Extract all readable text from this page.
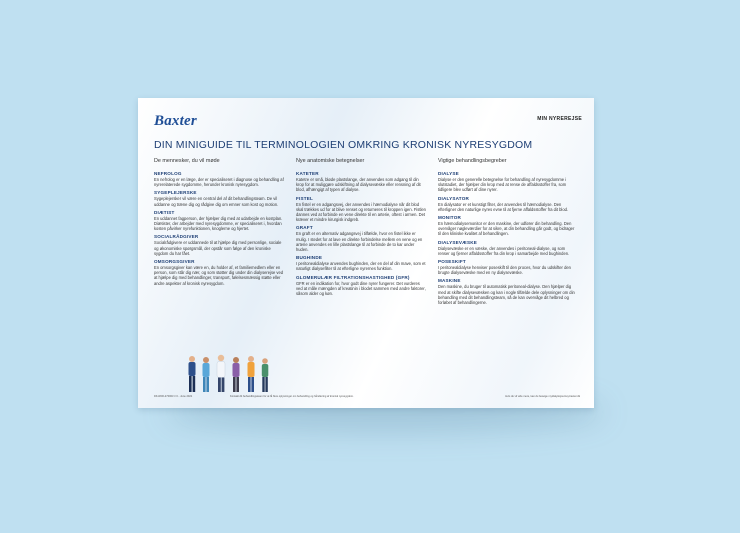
Baxter	MIN NYREREJSE
DIN MINIGUIDE TIL TERMINOLOGIEN OMKRING KRONISK NYRESYGDOM
De mennesker, du vil møde
NEFROLOG
En nefrolog er en læge, der er specialiseret i diagnose og behandling af nyrerelaterede sygdomme, herunder kronisk nyresygdom.
SYGEPLEJERSKE
Sygeplejersker vil være en central del af dit behandlingsteam. De vil uddanne og træne dig og rådgive dig om emner som kost og motion.
DIÆTIST
En uddannet fagperson, der hjælper dig med at udarbejde en kostplan. Diætister, der arbejder med nyresygdomme, er specialiseret i, hvordan kosten påvirker nyrefunktionen, knoglerne og hjertet.
SOCIALRÅDGIVER
Socialrådgivere er uddannede til at hjælpe dig med personlige, sociale og økonomiske spørgsmål, der opstår som følge af den kroniske sygdom du har fået.
OMSORGSGIVER
En omsorgsgiver kan være en, du holder af, et familiemedlem eller en person, som står dig nær, og som støtter dig under din dialyserejse ved at hjælpe dig med behandlinger, transport, følelsesmæssig støtte eller andre aspekter af kronisk nyresygdom.
Nye anatomiske betegnelser
KATETER
Katetre er små, bløde plastslange, der anvendes som adgang til din krop for at muliggøre udskiftning af dialysevæske eller rensning af dit blod, afhængigt af typen af dialyse.
FISTEL
En fistel er en adgangsvej, der anvendes i hæmodialyse når dit blod skal trækkes ud for at blive renset og returneres til kroppen igen. Fistlen dannes ved at forbinde en vene direkte til en arterie, oftest i armen. Det kræver et mindre kirurgisk indgreb.
GRAFT
En graft er en alternativ adgangsvej i tilfælde, hvor en fistel ikke er mulig. I stedet for at lave en direkte forbindelse mellem en vene og en arterie anvendes en lille plastslange til at forbinde de to kar under huden.
BUGHINDE
I peritonealdialyse anvendes bughinden, der en del af din mave, som et naturligt dialysefilter til at efterligne nyrernes funktion.
GLOMERULÆR FILTRATIONSHASTIGHED (GFR)
GFR er en indikation for, hvor godt dine nyrer fungerer. Det vurderes ved at måle mængden af kreatinin i blodet sammen med andre faktorer, såsom alder og køn.
Vigtige behandlingsbegreber
DIALYSE
Dialyse er den generelle betegnelse for behandling af nyresygdomme i slutstadiet, der hjælper din krop med at rense de affaldsstoffer fra, som tidligere blev udført af dine nyrer.
DIALYSATOR
En dialysator er et kunstigt filter, der anvendes til hæmodialyse. Den efterligner den naturlige nyres evne til at fjerne affaldsstoffer fra dit blod.
MONITOR
En hæmodialysemonitor er den maskine, der udfører din behandling. Den overvåger nøgleværdier for at sikre, at din behandling går godt, og bidrager til den kliniske kvalitet af behandlingen.
DIALYSEVÆSKE
Dialysevæske er en væske, der anvendes i peritoneal-dialyse, og som renser og fjerner affaldsstoffer fra din krop i samarbejde med bughinden.
POSESKIFT
I peritonealdialyse henviser poseskift til den proces, hvor du udskifter den brugte dialysevæske med en ny dialysevæske.
MASKINE
Den maskine, du bruger til automatisk peritoneal-dialyse. Den hjælper dig med at skifte dialysevæsken og kan i nogle tilfælde dele oplysninger om din behandling med dit behandlingsteam, så de kan overvåge dit helbred og forløbet af behandlingerne.
DK-RI00-270003 // 0 - June 2021	Kontakt dit behandlingsteam for at få flere oplysninger om behandling og håndtering af kronisk nyresygdom.	Hvis du vil vide mere, kan du besøge mydialysisjourney.baxter.dk
